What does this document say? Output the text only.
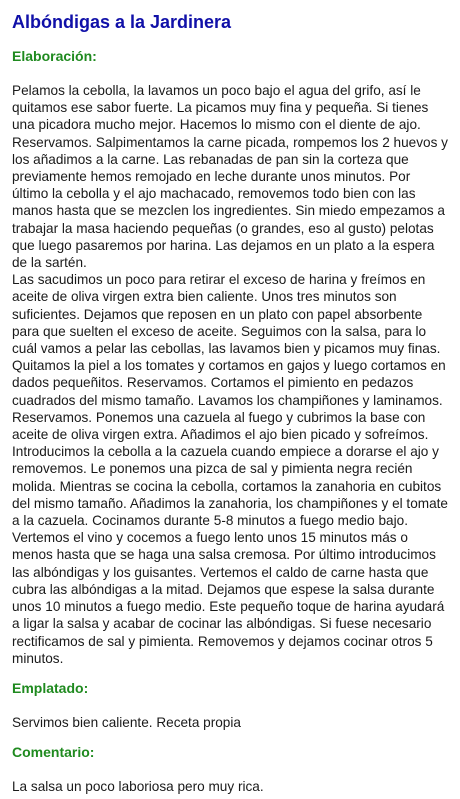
Albóndigas a la Jardinera
Elaboración:

Pelamos la cebolla, la lavamos un poco bajo el agua del grifo, así le quitamos ese sabor fuerte. La picamos muy fina y pequeña. Si tienes una picadora mucho mejor. Hacemos lo mismo con el diente de ajo. Reservamos. Salpimentamos la carne picada, rompemos los 2 huevos y los añadimos a la carne. Las rebanadas de pan sin la corteza que previamente hemos remojado en leche durante unos minutos. Por último la cebolla y el ajo machacado, removemos todo bien con las manos hasta que se mezclen los ingredientes. Sin miedo empezamos a trabajar la masa haciendo pequeñas (o grandes, eso al gusto) pelotas que luego pasaremos por harina. Las dejamos en un plato a la espera de la sartén.

Las sacudimos un poco para retirar el exceso de harina y freímos en aceite de oliva virgen extra bien caliente. Unos tres minutos son suficientes. Dejamos que reposen en un plato con papel absorbente para que suelten el exceso de aceite. Seguimos con la salsa, para lo cuál vamos a pelar las cebollas, las lavamos bien y picamos muy finas. Quitamos la piel a los tomates y cortamos en gajos y luego cortamos en dados pequeñitos. Reservamos. Cortamos el pimiento en pedazos cuadrados del mismo tamaño. Lavamos los champiñones y laminamos. Reservamos. Ponemos una cazuela al fuego y cubrimos la base con aceite de oliva virgen extra. Añadimos el ajo bien picado y sofreímos. Introducimos la cebolla a la cazuela cuando empiece a dorarse el ajo y removemos. Le ponemos una pizca de sal y pimienta negra recién molida. Mientras se cocina la cebolla, cortamos la zanahoria en cubitos del mismo tamaño. Añadimos la zanahoria, los champiñones y el tomate a la cazuela. Cocinamos durante 5-8 minutos a fuego medio bajo. Vertemos el vino y cocemos a fuego lento unos 15 minutos más o menos hasta que se haga una salsa cremosa. Por último introducimos las albóndigas y los guisantes. Vertemos el caldo de carne hasta que cubra las albóndigas a la mitad. Dejamos que espese la salsa durante unos 10 minutos a fuego medio. Este pequeño toque de harina ayudará a ligar la salsa y acabar de cocinar las albóndigas. Si fuese necesario rectificamos de sal y pimienta. Removemos y dejamos cocinar otros 5 minutos.

Emplatado:

Servimos bien caliente. Receta propia

Comentario:

La salsa un poco laboriosa pero muy rica.
